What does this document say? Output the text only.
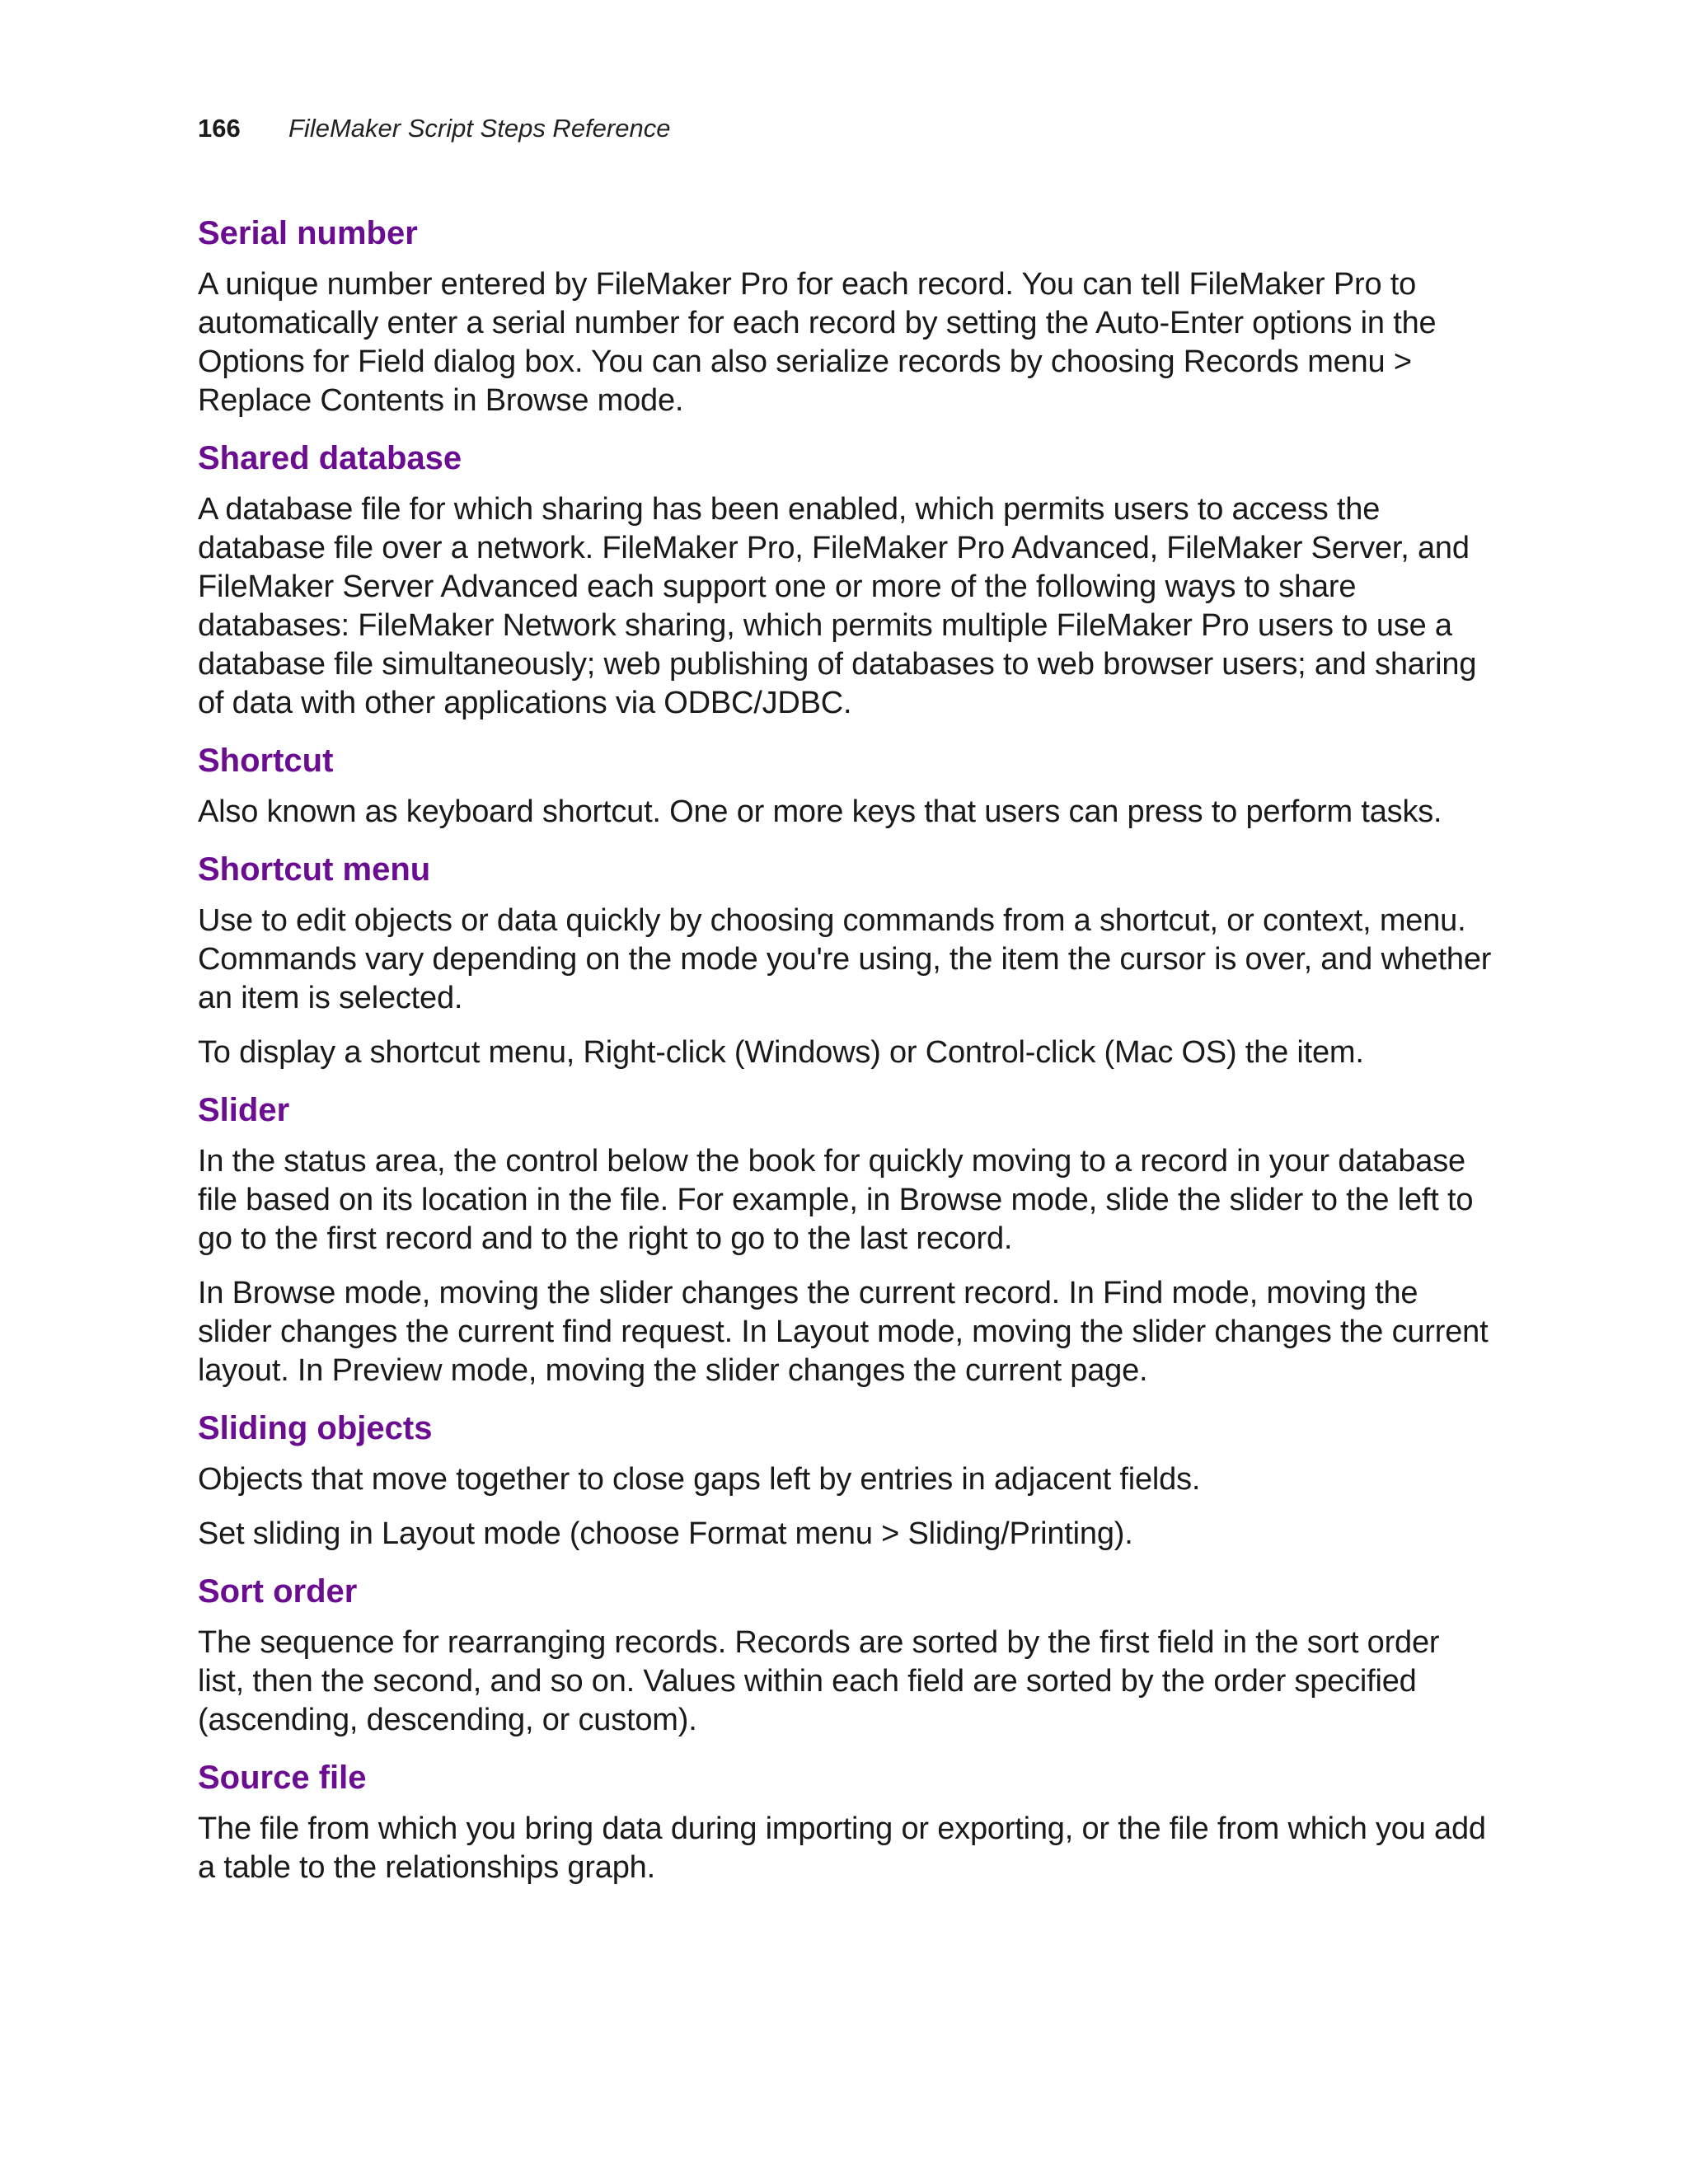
166	FileMaker Script Steps Reference
Serial number

A unique number entered by FileMaker Pro for each record. You can tell FileMaker Pro to automatically enter a serial number for each record by setting the Auto-Enter options in the Options for Field dialog box. You can also serialize records by choosing Records menu > Replace Contents in Browse mode.

Shared database

A database file for which sharing has been enabled, which permits users to access the database file over a network. FileMaker Pro, FileMaker Pro Advanced, FileMaker Server, and FileMaker Server Advanced each support one or more of the following ways to share databases: FileMaker Network sharing, which permits multiple FileMaker Pro users to use a database file simultaneously; web publishing of databases to web browser users; and sharing of data with other applications via ODBC/JDBC.

Shortcut

Also known as keyboard shortcut. One or more keys that users can press to perform tasks.

Shortcut menu

Use to edit objects or data quickly by choosing commands from a shortcut, or context, menu. Commands vary depending on the mode you're using, the item the cursor is over, and whether an item is selected.

To display a shortcut menu, Right-click (Windows) or Control-click (Mac OS) the item.

Slider

In the status area, the control below the book for quickly moving to a record in your database file based on its location in the file. For example, in Browse mode, slide the slider to the left to go to the first record and to the right to go to the last record.

In Browse mode, moving the slider changes the current record. In Find mode, moving the slider changes the current find request. In Layout mode, moving the slider changes the current layout. In Preview mode, moving the slider changes the current page.

Sliding objects

Objects that move together to close gaps left by entries in adjacent fields.

Set sliding in Layout mode (choose Format menu > Sliding/Printing).

Sort order

The sequence for rearranging records. Records are sorted by the first field in the sort order list, then the second, and so on. Values within each field are sorted by the order specified (ascending, descending, or custom).

Source file

The file from which you bring data during importing or exporting, or the file from which you add a table to the relationships graph.
